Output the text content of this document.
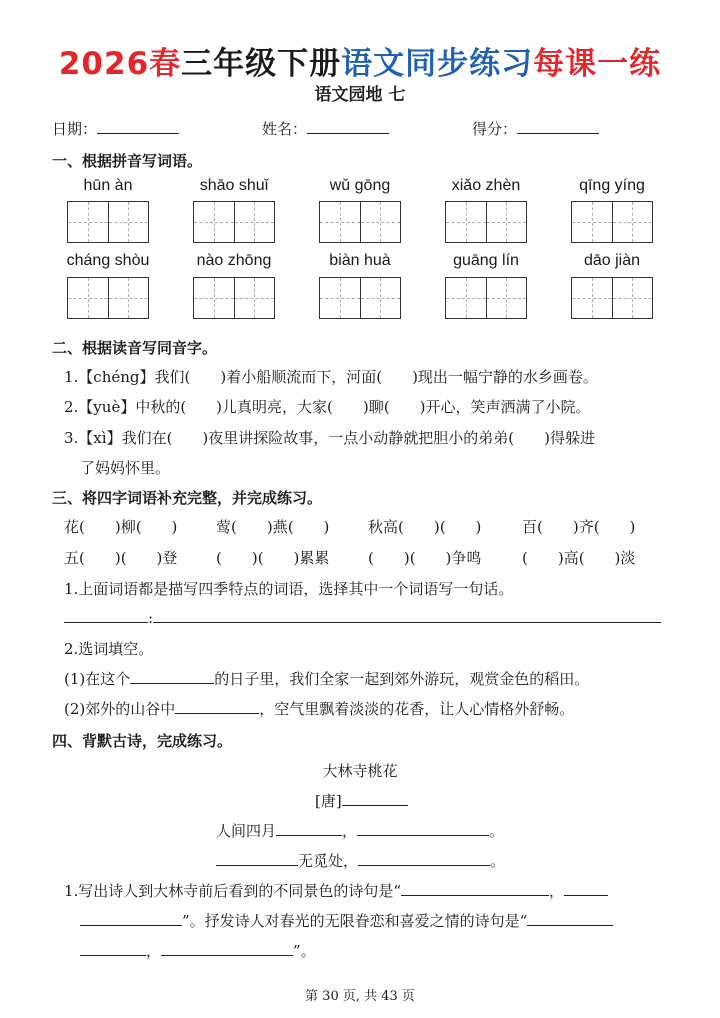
2026春三年级下册语文同步练习每课一练
语文园地 七
日期：	姓名：	得分：
一、根据拼音写词语。
hūn àn	shāo shuǐ	wǔ gōng	xiǎo zhèn	qīng yíng
cháng shòu	nào zhōng	biàn huà	guāng lín	dāo jiàn
二、根据读音写同音字。
1.【chéng】我们(　　)着小船顺流而下，河面(　　)现出一幅宁静的水乡画卷。
2.【yuè】中秋的(　　)儿真明亮，大家(　　)聊(　　)开心，笑声洒满了小院。
3.【xì】我们在(　　)夜里讲探险故事，一点小动静就把胆小的弟弟(　　)得躲进
了妈妈怀里。
三、将四字词语补充完整，并完成练习。
花(　　)柳(　　)	莺(　　)燕(　　)	秋高(　　)(　　)	百(　　)齐(　　)
五(　　)(　　)登	(　　)(　　)累累	(　　)(　　)争鸣	(　　)高(　　)淡
1.上面词语都是描写四季特点的词语，选择其中一个词语写一句话。
:
2.选词填空。
(1)在这个	的日子里，我们全家一起到郊外游玩，观赏金色的稻田。
(2)郊外的山谷中	，空气里飘着淡淡的花香，让人心情格外舒畅。
四、背默古诗，完成练习。
大林寺桃花
[唐]
人间四月	，	。
无觅处，	。
1.写出诗人到大林寺前后看到的不同景色的诗句是“	，
”。抒发诗人对春光的无限眷恋和喜爱之情的诗句是“
，	”。
第 30 页, 共 43 页
